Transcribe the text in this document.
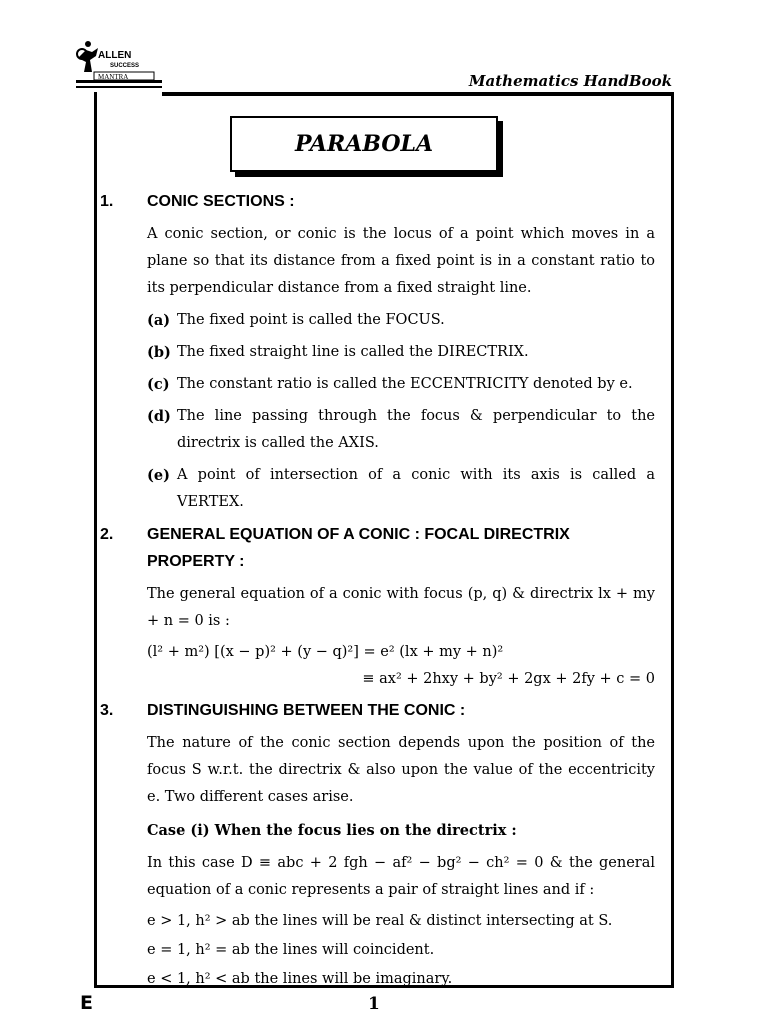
ALLEN
SUCCESS
MANTRA	Mathematics HandBook
PARABOLA
1.	CONIC SECTIONS :
A conic section, or conic is the locus of a point which moves in a plane so that its distance from a fixed point is in a constant ratio to its perpendicular distance from a fixed straight line.
(a) The fixed point is called the FOCUS.
(b) The fixed straight line is called the DIRECTRIX.
(c) The constant ratio is called the ECCENTRICITY denoted by e.
(d) The line passing through the focus & perpendicular to the directrix is called the AXIS.
(e) A point of intersection of a conic with its axis is called a VERTEX.
2.	GENERAL EQUATION OF A CONIC : FOCAL DIRECTRIX PROPERTY :
The general equation of a conic with focus (p, q) & directrix lx + my + n = 0 is :
(l² + m²) [(x − p)² + (y − q)²] = e² (lx + my + n)²
≡ ax² + 2hxy + by² + 2gx + 2fy + c = 0
3.	DISTINGUISHING BETWEEN THE CONIC :
The nature of the conic section depends upon the position of the focus S w.r.t. the directrix & also upon the value of the eccentricity e. Two different cases arise.
Case (i) When the focus lies on the directrix :
In this case D ≡ abc + 2 fgh − af² − bg² − ch² = 0 & the general equation of a conic represents a pair of straight lines and if :
e > 1, h² > ab the lines will be real & distinct intersecting at S.
e = 1, h² = ab the lines will coincident.
e < 1, h² < ab the lines will be imaginary.
E	1
